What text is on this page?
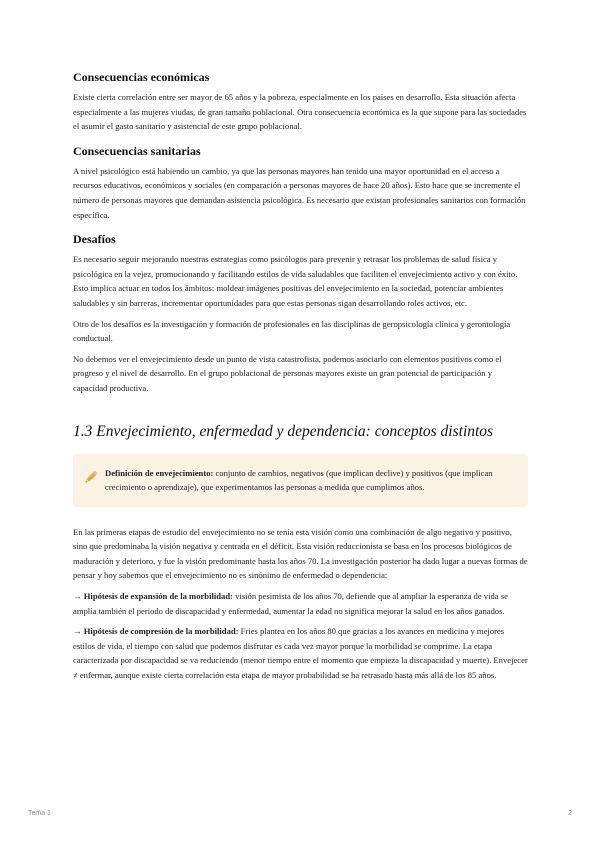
Consecuencias económicas

Existe cierta correlación entre ser mayor de 65 años y la pobreza, especialmente en los países en desarrollo. Esta situación afecta especialmente a las mujeres viudas, de gran tamaño poblacional. Otra consecuencia económica es la que supone para las sociedades el asumir el gasto sanitario y asistencial de este grupo poblacional.

Consecuencias sanitarias

A nivel psicológico está habiendo un cambio, ya que las personas mayores han tenido una mayor oportunidad en el acceso a recursos educativos, económicos y sociales (en comparación a personas mayores de hace 20 años). Esto hace que se incremente el número de personas mayores que demandan asistencia psicológica. Es necesario que existan profesionales sanitarios con formación específica.

Desafíos

Es necesario seguir mejorando nuestras estrategias como psicólogos para prevenir y retrasar los problemas de salud física y psicológica en la vejez, promocionando y facilitando estilos de vida saludables que faciliten el envejecimiento activo y con éxito. Esto implica actuar en todos los ámbitos: moldear imágenes positivas del envejecimiento en la sociedad, potenciar ambientes saludables y sin barreras, incrementar oportunidades para que estas personas sigan desarrollando roles activos, etc.

Otro de los desafíos es la investigación y formación de profesionales en las disciplinas de geropsicología clínica y gerontología conductual.

No debemos ver el envejecimiento desde un punto de vista catastrofista, podemos asociarlo con elementos positivos como el progreso y el nivel de desarrollo. En el grupo poblacional de personas mayores existe un gran potencial de participación y capacidad productiva.

1.3 Envejecimiento, enfermedad y dependencia: conceptos distintos
Definición de envejecimiento: conjunto de cambios, negativos (que implican declive) y positivos (que implican crecimiento o aprendizaje), que experimentamos las personas a medida que cumplimos años.

En las primeras etapas de estudio del envejecimiento no se tenía esta visión como una combinación de algo negativo y positivo, sino que predominaba la visión negativa y centrada en el déficit. Esta visión reduccionista se basa en los procesos biológicos de maduración y deterioro, y fue la visión predominante hasta los años 70. La investigación posterior ha dado lugar a nuevas formas de pensar y hoy sabemos que el envejecimiento no es sinónimo de enfermedad o dependencia:

→ Hipótesis de expansión de la morbilidad: visión pesimista de los años 70, defiende que al ampliar la esperanza de vida se amplía también el periodo de discapacidad y enfermedad, aumentar la edad no significa mejorar la salud en los años ganados.

→ Hipótesis de compresión de la morbilidad: Fries plantea en los años 80 que gracias a los avances en medicina y mejores estilos de vida, el tiempo con salud que podemos disfrutar es cada vez mayor porque la morbilidad se comprime. La etapa caracterizada por discapacidad se va reduciendo (menor tiempo entre el momento que empieza la discapacidad y muerte). Envejecer ≠ enfermar, aunque existe cierta correlación esta etapa de mayor probabilidad se ha retrasado hasta más allá de los 85 años.

Tema 1	2
